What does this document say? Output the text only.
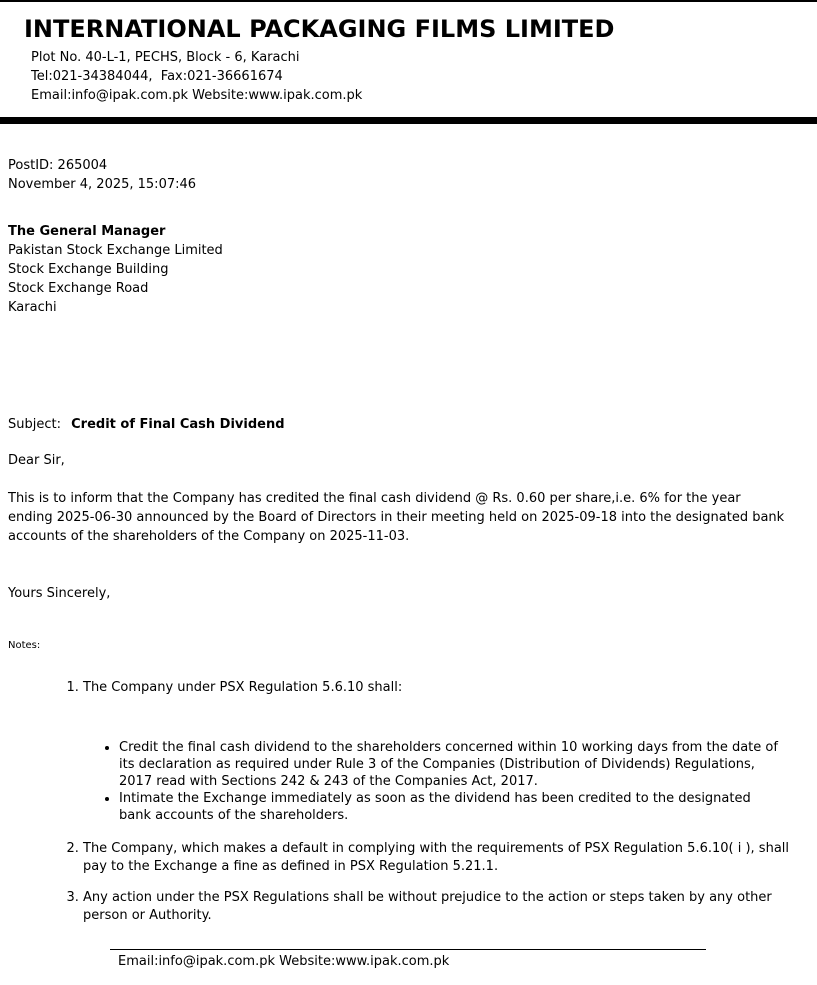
INTERNATIONAL PACKAGING FILMS LIMITED
Plot No. 40-L-1, PECHS, Block - 6, Karachi
Tel:021-34384044,  Fax:021-36661674
Email:info@ipak.com.pk Website:www.ipak.com.pk
PostID: 265004
November 4, 2025, 15:07:46
The General Manager
Pakistan Stock Exchange Limited
Stock Exchange Building
Stock Exchange Road
Karachi
Subject: Credit of Final Cash Dividend
Dear Sir,
This is to inform that the Company has credited the final cash dividend @ Rs. 0.60 per share,i.e. 6% for the year ending 2025-06-30 announced by the Board of Directors in their meeting held on 2025-09-18 into the designated bank accounts of the shareholders of the Company on 2025-11-03.
Yours Sincerely,
Notes:
1. The Company under PSX Regulation 5.6.10 shall:
• Credit the final cash dividend to the shareholders concerned within 10 working days from the date of its declaration as required under Rule 3 of the Companies (Distribution of Dividends) Regulations, 2017 read with Sections 242 & 243 of the Companies Act, 2017.
• Intimate the Exchange immediately as soon as the dividend has been credited to the designated bank accounts of the shareholders.
2. The Company, which makes a default in complying with the requirements of PSX Regulation 5.6.10( i ), shall pay to the Exchange a fine as defined in PSX Regulation 5.21.1.
3. Any action under the PSX Regulations shall be without prejudice to the action or steps taken by any other person or Authority.
Email:info@ipak.com.pk Website:www.ipak.com.pk
